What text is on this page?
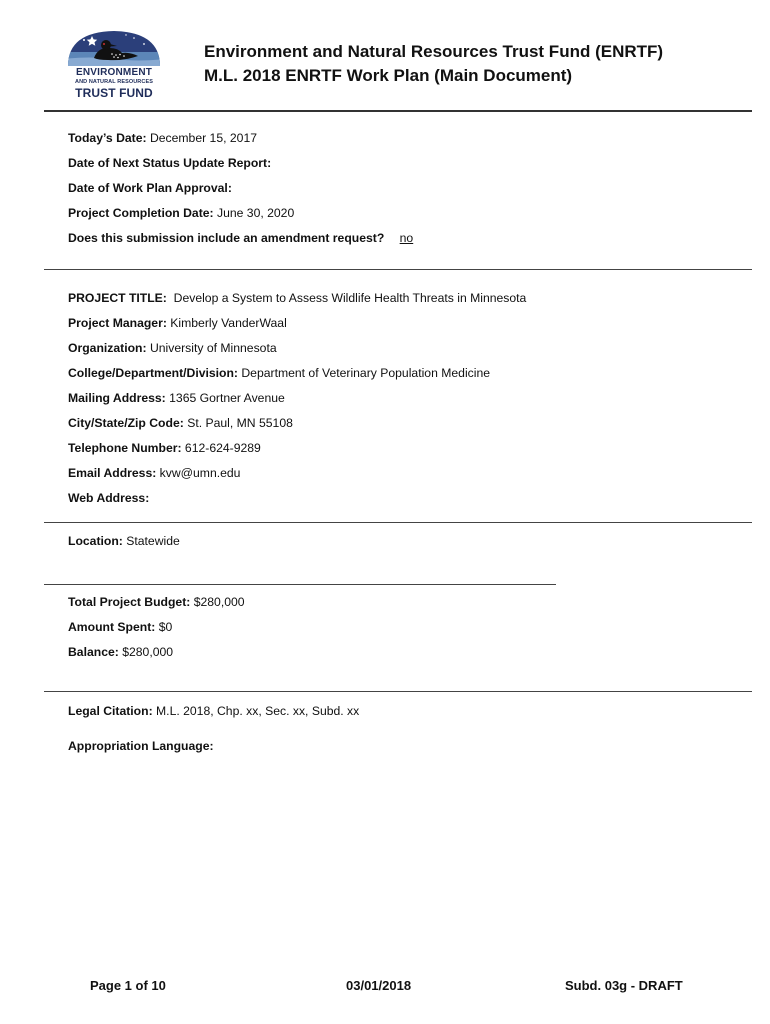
ENVIRONMENT
AND NATURAL RESOURCES
TRUST FUND
Environment and Natural Resources Trust Fund (ENRTF)
M.L. 2018 ENRTF Work Plan (Main Document)
Today’s Date: December 15, 2017
Date of Next Status Update Report:
Date of Work Plan Approval:
Project Completion Date: June 30, 2020
Does this submission include an amendment request? no
PROJECT TITLE: Develop a System to Assess Wildlife Health Threats in Minnesota
Project Manager: Kimberly VanderWaal
Organization: University of Minnesota
College/Department/Division: Department of Veterinary Population Medicine
Mailing Address: 1365 Gortner Avenue
City/State/Zip Code: St. Paul, MN 55108
Telephone Number: 612-624-9289
Email Address: kvw@umn.edu
Web Address:
Location: Statewide
Total Project Budget: $280,000
Amount Spent: $0
Balance: $280,000
Legal Citation: M.L. 2018, Chp. xx, Sec. xx, Subd. xx
Appropriation Language:
Page 1 of 10	03/01/2018	Subd. 03g - DRAFT
